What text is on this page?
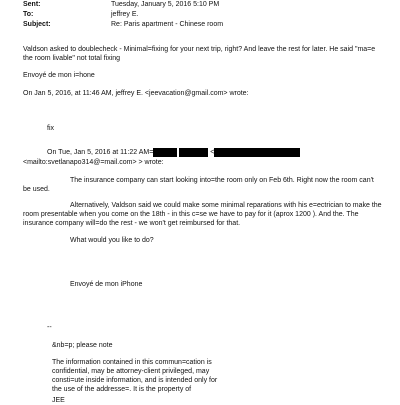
Sent:	Tuesday, January 5, 2016 5:10 PM
To:	jeffrey E.
Subject:	Re: Paris apartment - Chinese room
Valdson asked to doublecheck - Minimal=fixing for your next trip, right? And leave the rest for later. He said "ma=e the room livable" not total fixing
Envoyé de mon i=hone
On Jan 5, 2016, at 11:46 AM, jeffrey E. <jeevacation@gmail.com> wrote:
fix
On Tue, Jan 5, 2016 at 11:22 AM=	<
<mailto:svetlanapo314@=mail.com> > wrote:
The insurance company can start looking into=the room only on Feb 6th. Right now the room can't be used.
Alternatively, Valdson said we could make some minimal reparations with his e=ectrician to make the room presentable when you come on the 18th - in this c=se we have to pay for it (aprox 1200 ). And the. The insurance company will=do the rest - we won't get reimbursed for that.
What would you like to do?
Envoyé de mon iPhone
--
&nb=p; please note
The information contained in this commun=cation is confidential, may be attorney-client privileged, may consti=ute inside information, and is intended only for the use of the addresse=. It is the property of
JEE
